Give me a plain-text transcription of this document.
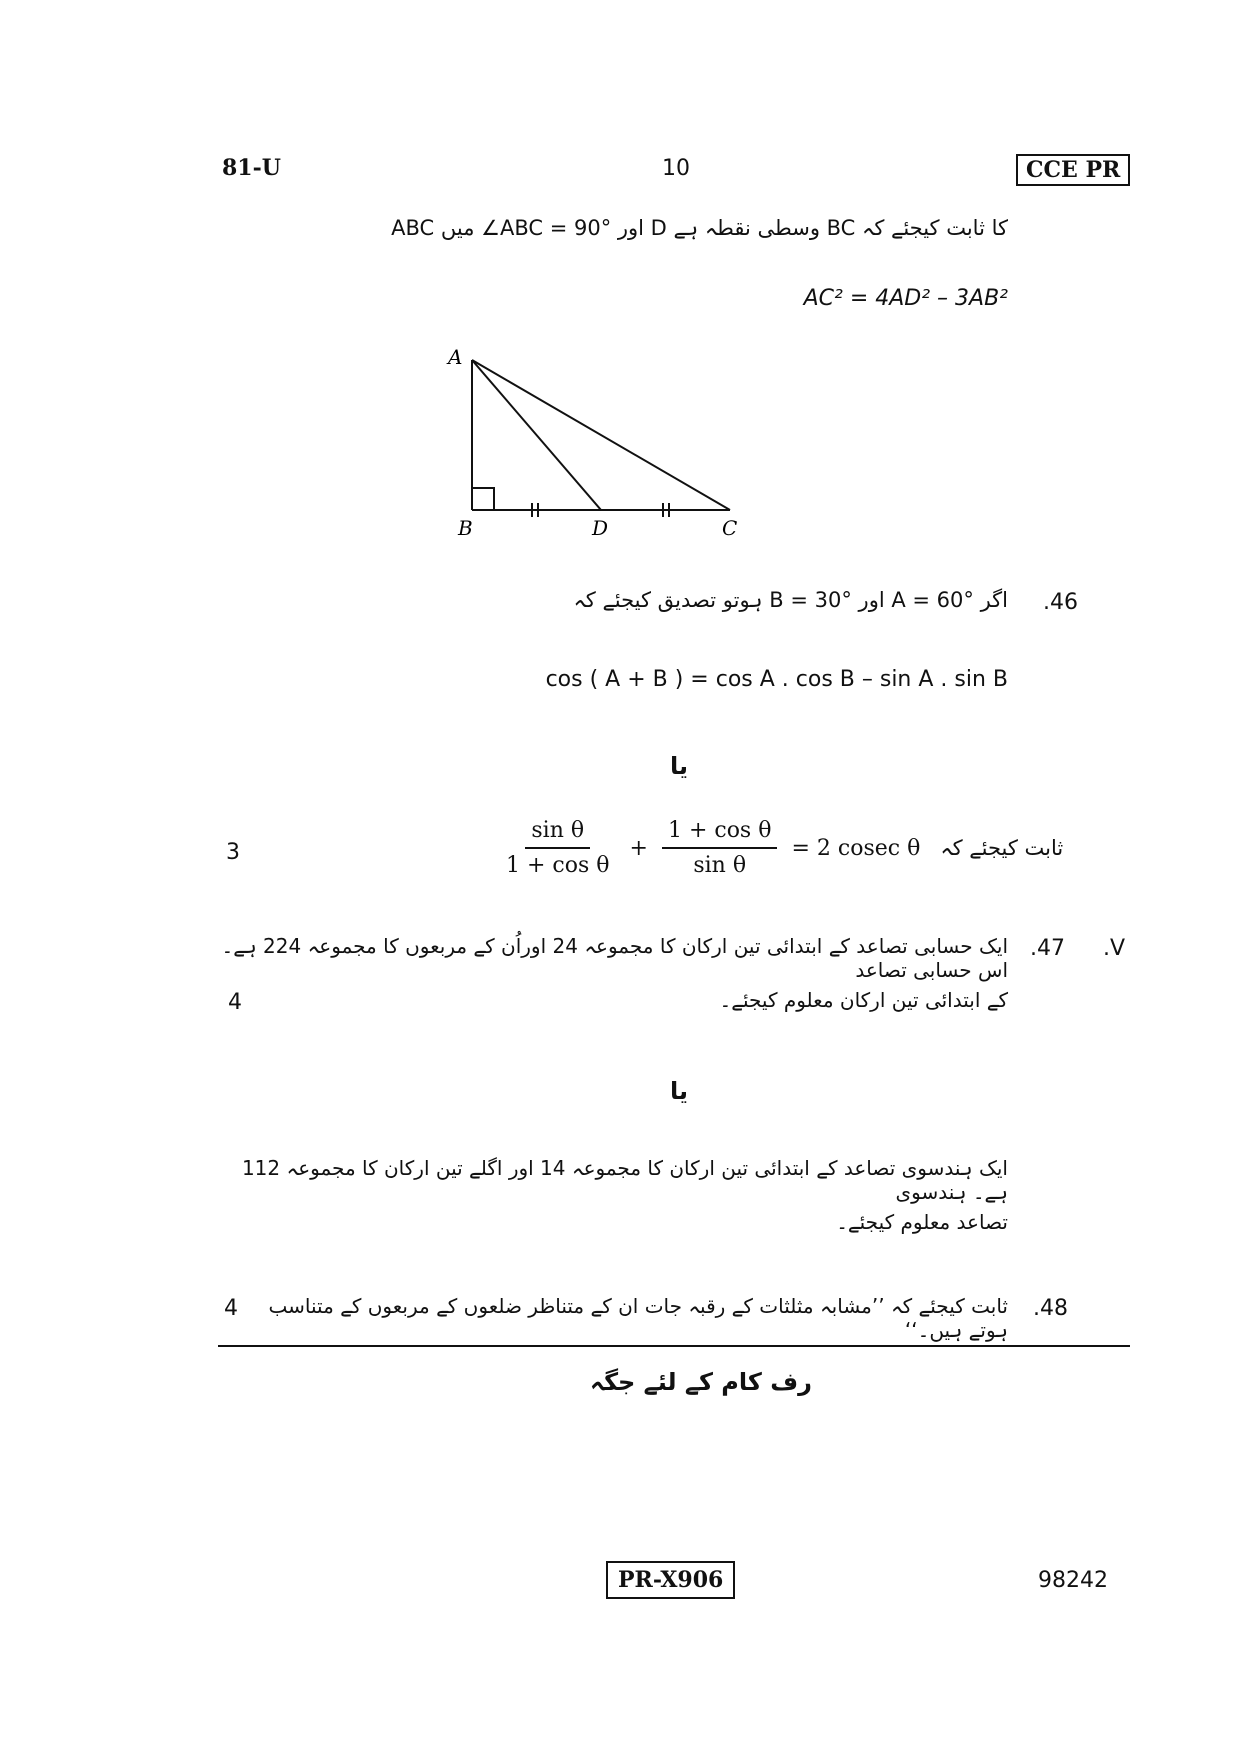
81-U	10	CCE PR
ABC میں ∠ABC = 90° اور D وسطی نقطہ ہے BC کا ثابت کیجئے کہ
AC² = 4AD² – 3AB²
A
B	D	C
.46
اگر A = 60° اور B = 30° ہوتو تصدیق کیجئے کہ
cos ( A + B ) = cos A . cos B – sin A . sin B
یا
3	$\frac{\text{sin θ}}{\text{1 + cos θ}} + \frac{\text{1 + cos θ}}{\text{sin θ}} = 2$ cosec θ ثابت کیجئے کہ
.V
.47
ایک حسابی تصاعد کے ابتدائی تین ارکان کا مجموعہ 24 اوراُن کے مربعوں کا مجموعہ 224 ہے۔اس حسابی تصاعد
کے ابتدائی تین ارکان معلوم کیجئے۔
4
یا
ایک ہندسوی تصاعد کے ابتدائی تین ارکان کا مجموعہ 14 اور اگلے تین ارکان کا مجموعہ 112 ہے۔ ہندسوی
تصاعد معلوم کیجئے۔
.48
ثابت کیجئے کہ ’’مشابہ مثلثات کے رقبہ جات ان کے متناظر ضلعوں کے مربعوں کے متناسب ہوتے ہیں۔‘‘
4
رف کام کے لئے جگہ
PR-X906	98242
